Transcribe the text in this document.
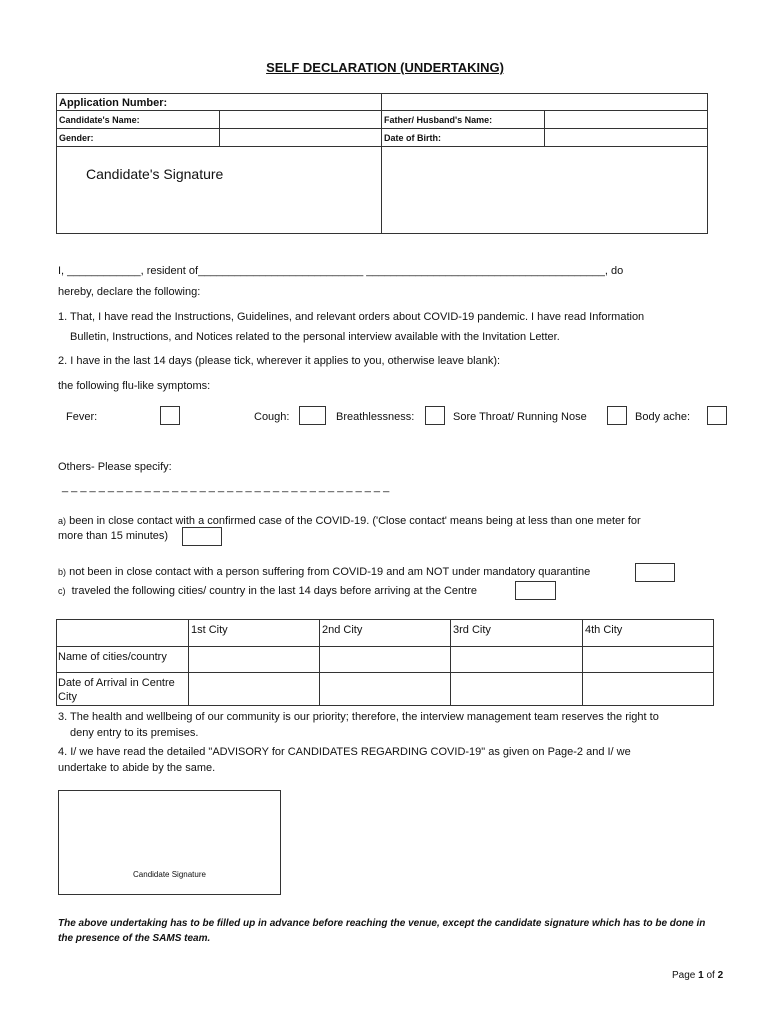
SELF DECLARATION (UNDERTAKING)
Application Number:
Candidate's Name:	Father/ Husband's Name:
Gender:	Date of Birth:
Candidate's Signature
I, ____________, resident of___________________________ _______________________________________, do
hereby, declare the following:
1. That, I have read the Instructions, Guidelines, and relevant orders about COVID-19 pandemic. I have read Information
Bulletin, Instructions, and Notices related to the personal interview available with the Invitation Letter.
2. I have in the last 14 days (please tick, wherever it applies to you, otherwise leave blank):
the following flu-like symptoms:
Fever:	Cough:	Breathlessness:	Sore Throat/ Running Nose	Body ache:
Others- Please specify:
_ _ _ _ _ _ _ _ _ _ _ _ _ _ _ _ _ _ _ _ _ _ _ _ _ _ _ _ _ _ _ _ _ _ _ _
a) been in close contact with a confirmed case of the COVID-19. ('Close contact' means being at less than one meter for
more than 15 minutes)
b) not been in close contact with a person suffering from COVID-19 and am NOT under mandatory quarantine
c) traveled the following cities/ country in the last 14 days before arriving at the Centre
1st City	2nd City	3rd City	4th City
Name of cities/country
Date of Arrival in Centre
City
3. The health and wellbeing of our community is our priority; therefore, the interview management team reserves the right to
deny entry to its premises.
4. I/ we have read the detailed "ADVISORY for CANDIDATES REGARDING COVID-19" as given on Page-2 and I/ we
undertake to abide by the same.
Candidate Signature
The above undertaking has to be filled up in advance before reaching the venue, except the candidate signature which has to be done in the presence of the SAMS team.
Page 1 of 2
